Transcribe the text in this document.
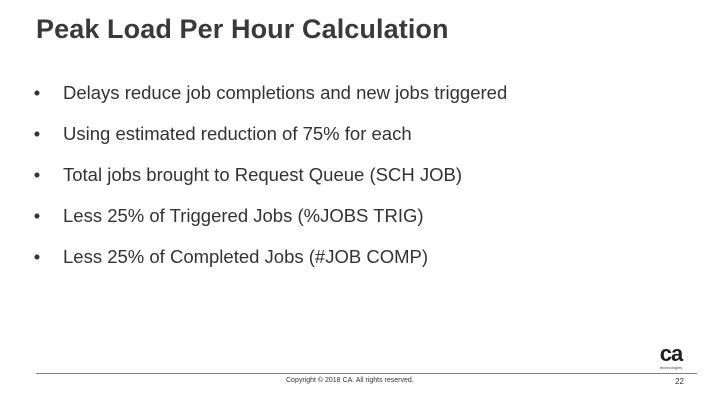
Peak Load Per Hour Calculation
• Delays reduce job completions and new jobs triggered
• Using estimated reduction of 75% for each
• Total jobs brought to Request Queue (SCH JOB)
• Less 25% of Triggered Jobs (%JOBS TRIG)
• Less 25% of Completed Jobs (#JOB COMP)
ca
technologies
Copyright © 2018 CA. All rights reserved.	22
